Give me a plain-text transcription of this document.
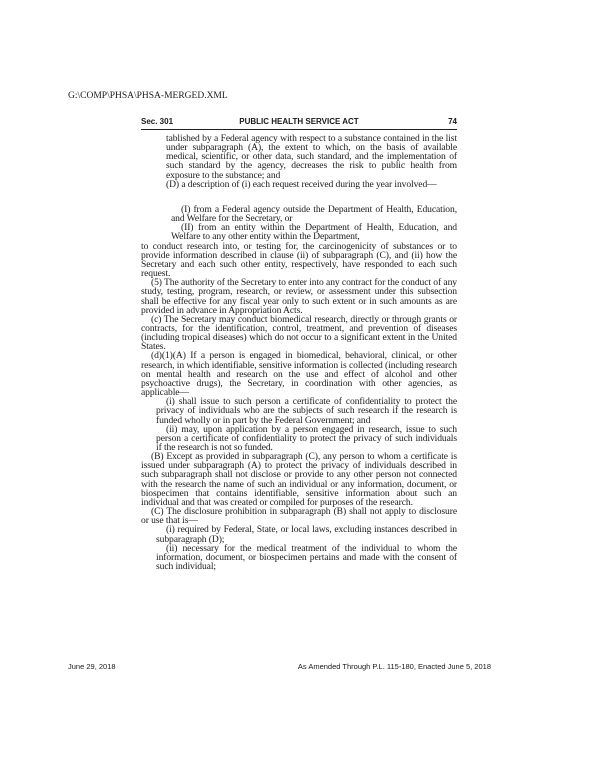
G:\COMP\PHSA\PHSA-MERGED.XML
Sec. 301	PUBLIC HEALTH SERVICE ACT	74

tablished by a Federal agency with respect to a substance contained in the list under subparagraph (A), the extent to which, on the basis of available medical, scientific, or other data, such standard, and the implementation of such standard by the agency, decreases the risk to public health from exposure to the substance; and

(D) a description of (i) each request received during the year involved—

(I) from a Federal agency outside the Department of Health, Education, and Welfare for the Secretary, or

(II) from an entity within the Department of Health, Education, and Welfare to any other entity within the Department,

to conduct research into, or testing for, the carcinogenicity of substances or to provide information described in clause (ii) of subparagraph (C), and (ii) how the Secretary and each such other entity, respectively, have responded to each such request.

(5) The authority of the Secretary to enter into any contract for the conduct of any study, testing, program, research, or review, or assessment under this subsection shall be effective for any fiscal year only to such extent or in such amounts as are provided in advance in Appropriation Acts.

(c) The Secretary may conduct biomedical research, directly or through grants or contracts, for the identification, control, treatment, and prevention of diseases (including tropical diseases) which do not occur to a significant extent in the United States.

(d)(1)(A) If a person is engaged in biomedical, behavioral, clinical, or other research, in which identifiable, sensitive information is collected (including research on mental health and research on the use and effect of alcohol and other psychoactive drugs), the Secretary, in coordination with other agencies, as applicable—

(i) shall issue to such person a certificate of confidentiality to protect the privacy of individuals who are the subjects of such research if the research is funded wholly or in part by the Federal Government; and

(ii) may, upon application by a person engaged in research, issue to such person a certificate of confidentiality to protect the privacy of such individuals if the research is not so funded.

(B) Except as provided in subparagraph (C), any person to whom a certificate is issued under subparagraph (A) to protect the privacy of individuals described in such subparagraph shall not disclose or provide to any other person not connected with the research the name of such an individual or any information, document, or biospecimen that contains identifiable, sensitive information about such an individual and that was created or compiled for purposes of the research.

(C) The disclosure prohibition in subparagraph (B) shall not apply to disclosure or use that is—

(i) required by Federal, State, or local laws, excluding instances described in subparagraph (D);

(ii) necessary for the medical treatment of the individual to whom the information, document, or biospecimen pertains and made with the consent of such individual;

June 29, 2018	As Amended Through P.L. 115-180, Enacted June 5, 2018
